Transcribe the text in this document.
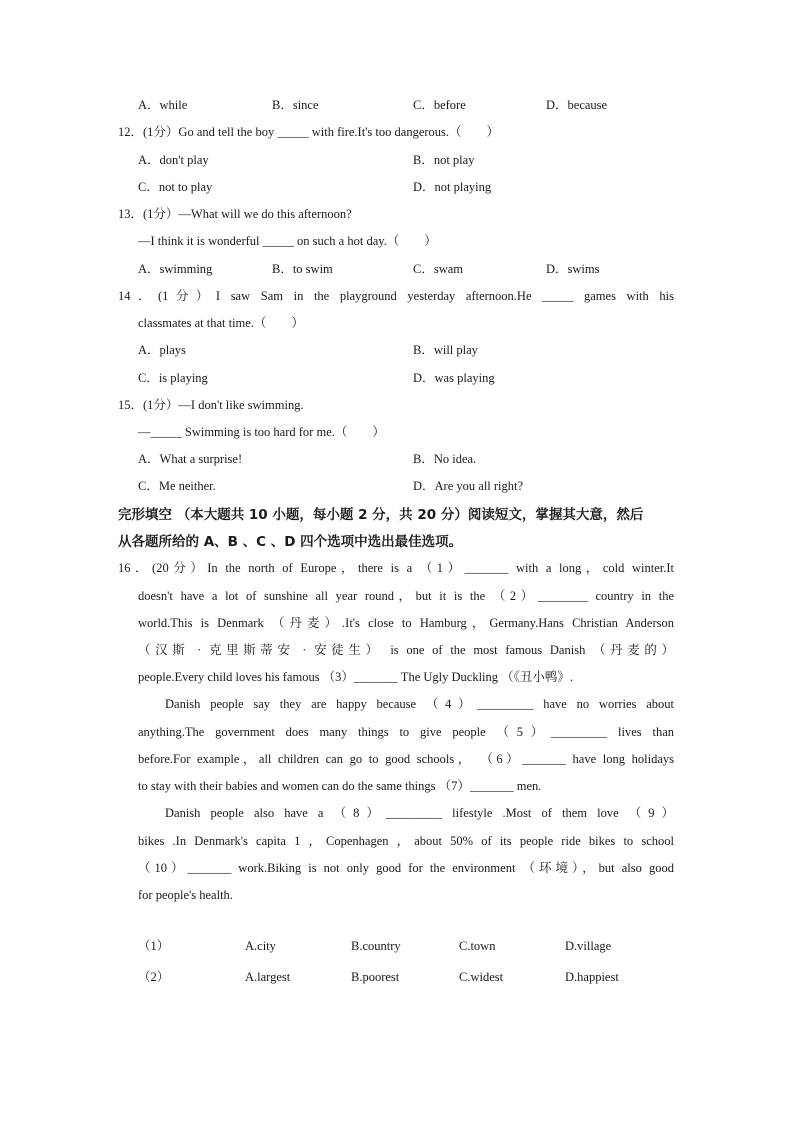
A．while	B．since	C．before	D．because
12．(1分）Go and tell the boy _____ with fire.It's too dangerous.（　　）
A．don't play	B．not play
C．not to play	D．not playing
13．(1分）—What will we do this afternoon?
—I think it is wonderful _____ on such a hot day.（　　）
A．swimming	B．to swim	C．swam	D．swims
14．(1分）I saw Sam in the playground yesterday afternoon.He _____ games with his
classmates at that time.（　　）
A．plays	B．will play
C．is playing	D．was playing
15．(1分）—I don't like swimming.
—_____ Swimming is too hard for me.（　　）
A．What a surprise!	B．No idea.
C．Me neither.	D．Are you all right?
完形填空 （本大题共 10 小题，每小题 2 分，共 20 分）阅读短文，掌握其大意，然后
从各题所给的 A、B 、C 、D 四个选项中选出最佳选项。
16．(20分）In the north of Europe，there is a （1）_______ with a long，cold winter.It
doesn't have a lot of sunshine all year round，but it is the （2）________ country in the
world.This is Denmark （丹麦）.It's close to Hamburg，Germany.Hans Christian Anderson
（汉斯 · 克里斯蒂安 · 安徒生） is one of the most famous Danish （丹麦的）
people.Every child loves his famous （3）_______ The Ugly Duckling （《丑小鸭》.
Danish people say they are happy because （4）_________ have no worries about
anything.The government does many things to give people （5）_________ lives than
before.For example，all children can go to good schools， （6）_______ have long holidays
to stay with their babies and women can do the same things （7）_______ men.
Danish people also have a （8）_________ lifestyle .Most of them love （9）
bikes .In Denmark's capita 1 ，Copenhagen ，about 50% of its people ride bikes to school
（10）_______ work.Biking is not only good for the environment （环境），but also good
for people's health.
（1）	A.city	B.country	C.town	D.village
（2）	A.largest	B.poorest	C.widest	D.happiest
